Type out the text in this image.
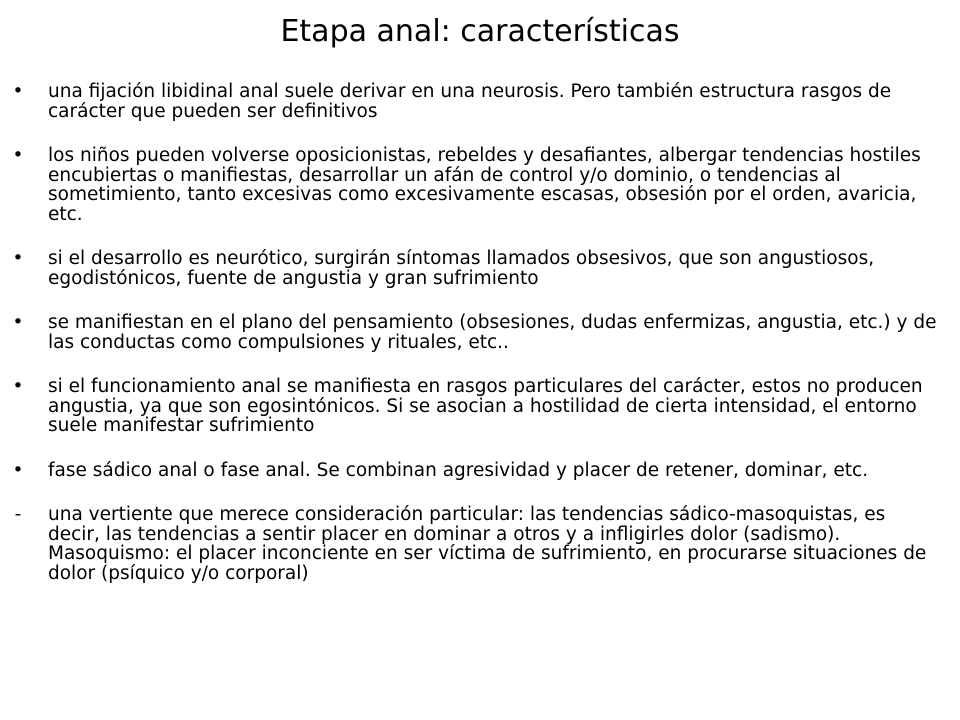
Etapa anal: características
• una fijación libidinal anal suele derivar en una neurosis. Pero también estructura rasgos de carácter que pueden ser definitivos
• los niños pueden volverse oposicionistas, rebeldes y desafiantes, albergar tendencias hostiles encubiertas o manifiestas, desarrollar un afán de control y/o dominio, o tendencias al sometimiento, tanto excesivas como excesivamente escasas, obsesión por el orden, avaricia, etc.
• si el desarrollo es neurótico, surgirán síntomas llamados obsesivos, que son angustiosos, egodistónicos, fuente de angustia y gran sufrimiento
• se manifiestan en el plano del pensamiento (obsesiones, dudas enfermizas, angustia, etc.) y de las conductas como compulsiones y rituales, etc..
• si el funcionamiento anal se manifiesta en rasgos particulares del carácter, estos no producen angustia, ya que son egosintónicos. Si se asocian a hostilidad de cierta intensidad, el entorno suele manifestar sufrimiento
• fase sádico anal o fase anal. Se combinan agresividad y placer de retener, dominar, etc.
-	una vertiente que merece consideración particular: las tendencias sádico-masoquistas, es decir, las tendencias a sentir placer en dominar a otros y a infligirles dolor (sadismo). Masoquismo: el placer inconciente en ser víctima de sufrimiento, en procurarse situaciones de dolor (psíquico y/o corporal)
